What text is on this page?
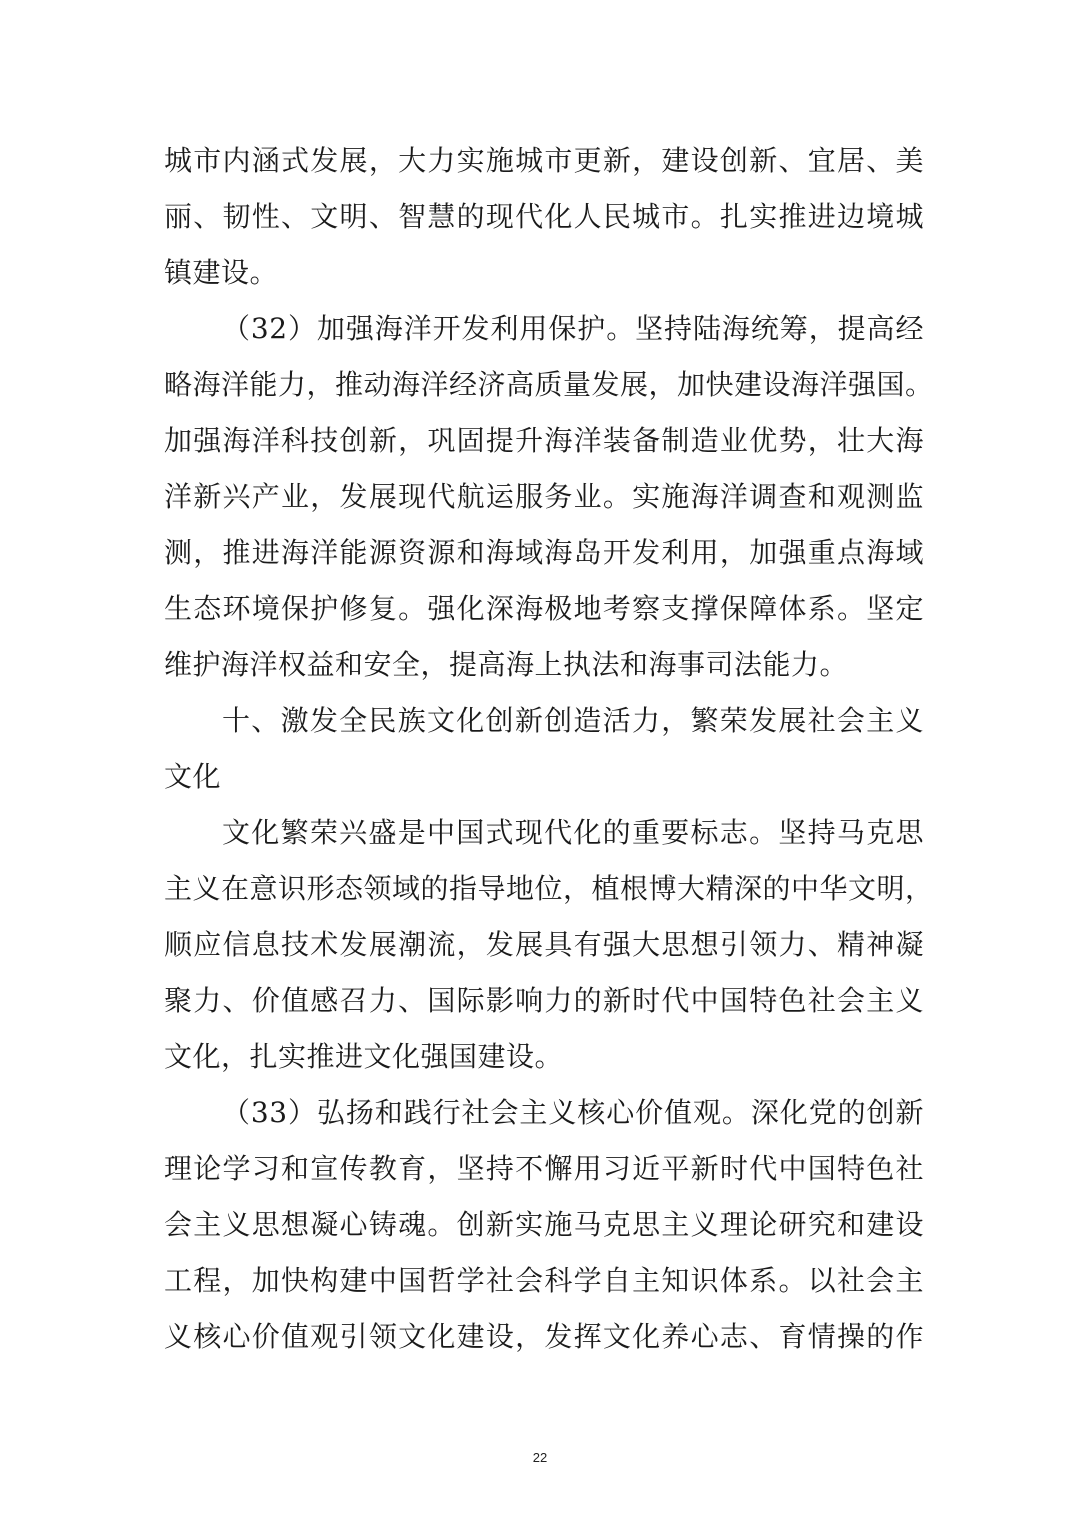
城市内涵式发展，大力实施城市更新，建设创新、宜居、美
丽、韧性、文明、智慧的现代化人民城市。扎实推进边境城
镇建设。
（32）加强海洋开发利用保护。坚持陆海统筹，提高经
略海洋能力，推动海洋经济高质量发展，加快建设海洋强国。
加强海洋科技创新，巩固提升海洋装备制造业优势，壮大海
洋新兴产业，发展现代航运服务业。实施海洋调查和观测监
测，推进海洋能源资源和海域海岛开发利用，加强重点海域
生态环境保护修复。强化深海极地考察支撑保障体系。坚定
维护海洋权益和安全，提高海上执法和海事司法能力。
十、激发全民族文化创新创造活力，繁荣发展社会主义
文化
文化繁荣兴盛是中国式现代化的重要标志。坚持马克思
主义在意识形态领域的指导地位，植根博大精深的中华文明，
顺应信息技术发展潮流，发展具有强大思想引领力、精神凝
聚力、价值感召力、国际影响力的新时代中国特色社会主义
文化，扎实推进文化强国建设。
（33）弘扬和践行社会主义核心价值观。深化党的创新
理论学习和宣传教育，坚持不懈用习近平新时代中国特色社
会主义思想凝心铸魂。创新实施马克思主义理论研究和建设
工程，加快构建中国哲学社会科学自主知识体系。以社会主
义核心价值观引领文化建设，发挥文化养心志、育情操的作
22
